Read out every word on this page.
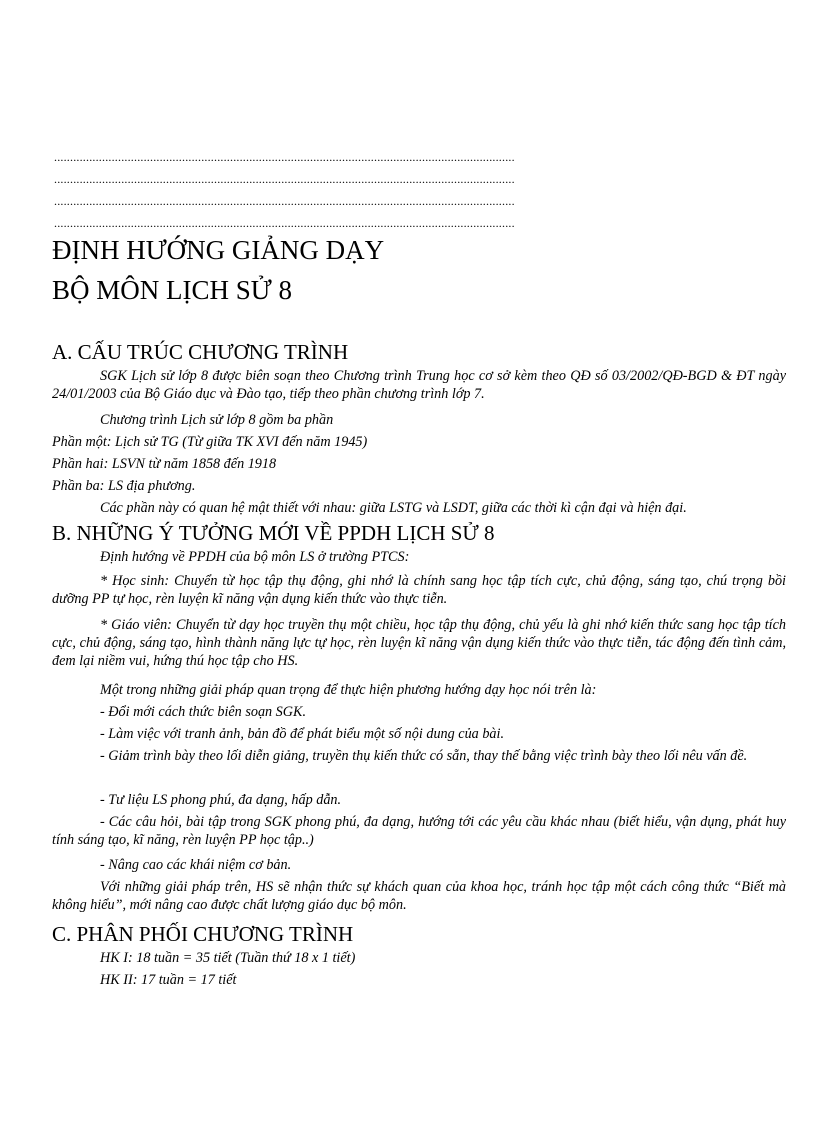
................................................................................................................................................
................................................................................................................................................
................................................................................................................................................
................................................................................................................................................
ĐỊNH HƯỚNG GIẢNG DẠY
BỘ MÔN LỊCH SỬ 8
A. CẤU TRÚC CHƯƠNG TRÌNH
SGK Lịch sử lớp 8 được biên soạn theo Chương trình Trung học cơ sở kèm theo QĐ số 03/2002/QĐ-BGD & ĐT ngày 24/01/2003 của Bộ Giáo dục và Đào tạo, tiếp theo phần chương trình lớp 7.
Chương trình Lịch sử lớp 8 gồm ba phần
Phần một: Lịch sử TG (Từ giữa TK XVI đến năm 1945)
Phần hai: LSVN từ năm 1858 đến 1918
Phần ba: LS địa phương.
Các phần này có quan hệ mật thiết với nhau: giữa LSTG và LSDT, giữa các thời kì cận đại và hiện đại.
B. NHỮNG Ý TƯỞNG MỚI VỀ PPDH LỊCH SỬ 8
Định hướng về PPDH của bộ môn LS ở trường PTCS:
* Học sinh: Chuyển từ học tập thụ động, ghi nhớ là chính sang học tập tích cực, chủ động, sáng tạo, chú trọng bồi dưỡng PP tự học, rèn luyện kĩ năng vận dụng kiến thức vào thực tiễn.
* Giáo viên: Chuyển từ dạy học truyền thụ một chiều, học tập thụ động, chủ yếu là ghi nhớ kiến thức sang học tập tích cực, chủ động, sáng tạo, hình thành năng lực tự học, rèn luyện kĩ năng vận dụng kiến thức vào thực tiễn, tác động đến tình cảm, đem lại niềm vui, hứng thú học tập cho HS.
Một trong những giải pháp quan trọng để thực hiện phương hướng dạy học nói trên là:
- Đổi mới cách thức biên soạn SGK.
- Làm việc với tranh ảnh, bản đồ để phát biểu một số nội dung của bài.
- Giảm trình bày theo lối diễn giảng, truyền thụ kiến thức có sẵn, thay thế bằng việc trình bày theo lối nêu vấn đề.
- Tư liệu LS phong phú, đa dạng, hấp dẫn.
- Các câu hỏi, bài tập trong SGK phong phú, đa dạng, hướng tới các yêu cầu khác nhau (biết hiểu, vận dụng, phát huy tính sáng tạo, kĩ năng, rèn luyện PP học tập..)
- Nâng cao các khái niệm cơ bản.
Với những giải pháp trên, HS sẽ nhận thức sự khách quan của khoa học, tránh học tập một cách công thức “Biết mà không hiểu”, mới nâng cao được chất lượng giáo dục bộ môn.
C. PHÂN PHỐI CHƯƠNG TRÌNH
HK I: 18 tuần = 35 tiết (Tuần thứ 18 x 1 tiết)
HK II: 17 tuần = 17 tiết
